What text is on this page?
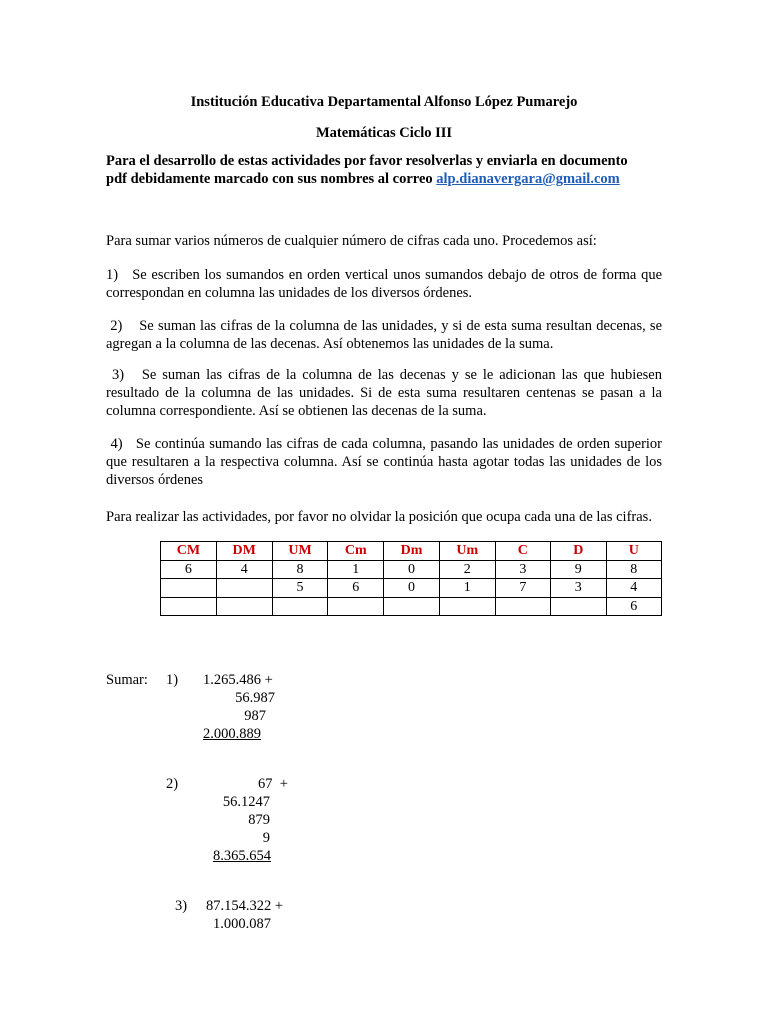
Institución Educativa Departamental Alfonso López Pumarejo
Matemáticas Ciclo III
Para el desarrollo de estas actividades por favor resolverlas y enviarla en documento
pdf debidamente marcado con sus nombres al correo alp.dianavergara@gmail.com
Para sumar varios números de cualquier número de cifras cada uno. Procedemos así:
1) Se escriben los sumandos en orden vertical unos sumandos debajo de otros de forma que correspondan en columna las unidades de los diversos órdenes.
2) Se suman las cifras de la columna de las unidades, y si de esta suma resultan decenas, se agregan a la columna de las decenas. Así obtenemos las unidades de la suma.
3) Se suman las cifras de la columna de las decenas y se le adicionan las que hubiesen resultado de la columna de las unidades. Si de esta suma resultaren centenas se pasan a la columna correspondiente. Así se obtienen las decenas de la suma.
4) Se continúa sumando las cifras de cada columna, pasando las unidades de orden superior que resultaren a la respectiva columna. Así se continúa hasta agotar todas las unidades de los diversos órdenes
Para realizar las actividades, por favor no olvidar la posición que ocupa cada una de las cifras.
CM	DM	UM	Cm	Dm	Um	C	D	U
6	4	8	1	0	2	3	9	8
		5	6	0	1	7	3	4
								6
Sumar: 1) 1.265.486 +
56.987
987
2.000.889
2)	67  +
56.1247
879
9
8.365.654
3) 87.154.322 +
1.000.087
